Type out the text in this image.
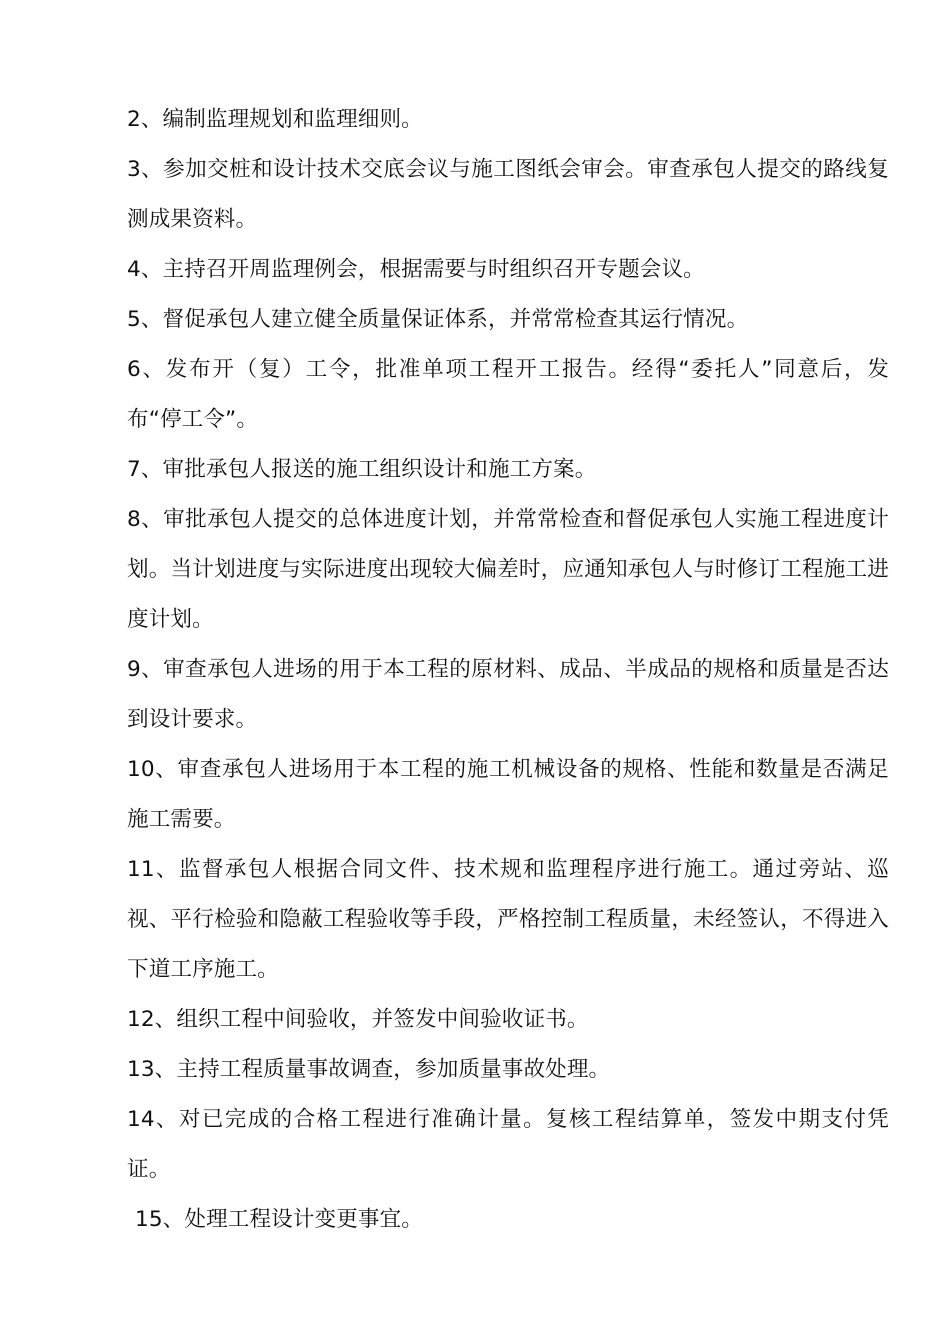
2、编制监理规划和监理细则。

3、参加交桩和设计技术交底会议与施工图纸会审会。审查承包人提交的路线复测成果资料。

4、主持召开周监理例会，根据需要与时组织召开专题会议。

5、督促承包人建立健全质量保证体系，并常常检查其运行情况。

6、发布开（复）工令，批准单项工程开工报告。经得“委托人”同意后，发布“停工令”。

7、审批承包人报送的施工组织设计和施工方案。

8、审批承包人提交的总体进度计划，并常常检查和督促承包人实施工程进度计划。当计划进度与实际进度出现较大偏差时，应通知承包人与时修订工程施工进度计划。

9、审查承包人进场的用于本工程的原材料、成品、半成品的规格和质量是否达到设计要求。

10、审查承包人进场用于本工程的施工机械设备的规格、性能和数量是否满足施工需要。

11、监督承包人根据合同文件、技术规和监理程序进行施工。通过旁站、巡视、平行检验和隐蔽工程验收等手段，严格控制工程质量，未经签认，不得进入下道工序施工。

12、组织工程中间验收，并签发中间验收证书。

13、主持工程质量事故调查，参加质量事故处理。

14、对已完成的合格工程进行准确计量。复核工程结算单，签发中期支付凭证。

15、处理工程设计变更事宜。
